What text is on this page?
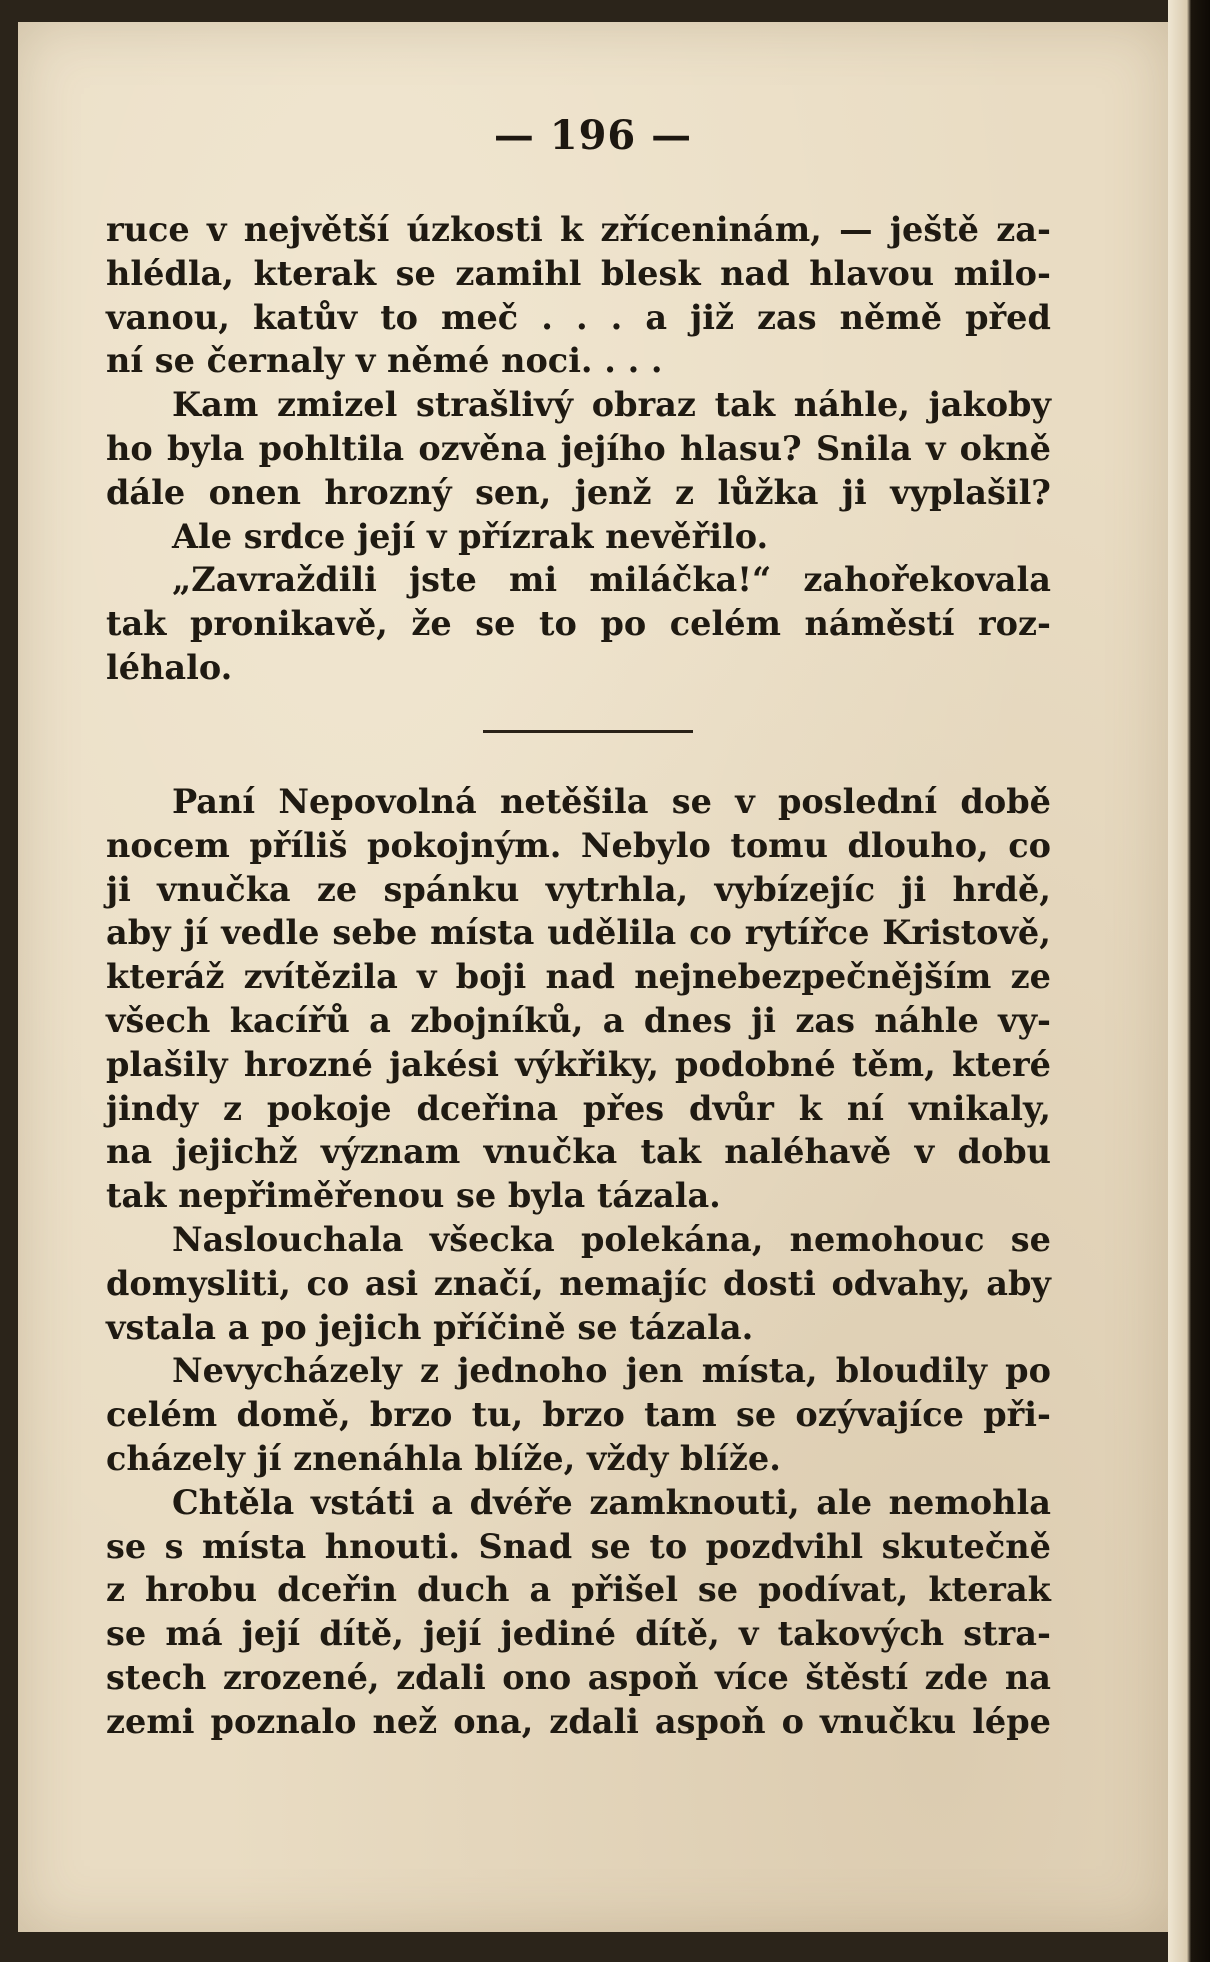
— 196 —
ruce v největší úzkosti k zříceninám, — ještě za-
hlédla, kterak se zamihl blesk nad hlavou milo-
vanou, katův to meč . . . a již zas němě před
ní se černaly v němé noci. . . .
Kam zmizel strašlivý obraz tak náhle, jakoby
ho byla pohltila ozvěna jejího hlasu? Snila v okně
dále onen hrozný sen, jenž z lůžka ji vyplašil?
Ale srdce její v přízrak nevěřilo.
„Zavraždili jste mi miláčka!“ zahořekovala
tak pronikavě, že se to po celém náměstí roz-
léhalo.
Paní Nepovolná netěšila se v poslední době
nocem příliš pokojným. Nebylo tomu dlouho, co
ji vnučka ze spánku vytrhla, vybízejíc ji hrdě,
aby jí vedle sebe místa udělila co rytířce Kristově,
kteráž zvítězila v boji nad nejnebezpečnějším ze
všech kacířů a zbojníků, a dnes ji zas náhle vy-
plašily hrozné jakési výkřiky, podobné těm, které
jindy z pokoje dceřina přes dvůr k ní vnikaly,
na jejichž význam vnučka tak naléhavě v dobu
tak nepřiměřenou se byla tázala.
Naslouchala všecka polekána, nemohouc se
domysliti, co asi značí, nemajíc dosti odvahy, aby
vstala a po jejich příčině se tázala.
Nevycházely z jednoho jen místa, bloudily po
celém domě, brzo tu, brzo tam se ozývajíce při-
cházely jí znenáhla blíže, vždy blíže.
Chtěla vstáti a dvéře zamknouti, ale nemohla
se s místa hnouti. Snad se to pozdvihl skutečně
z hrobu dceřin duch a přišel se podívat, kterak
se má její dítě, její jediné dítě, v takových stra-
stech zrozené, zdali ono aspoň více štěstí zde na
zemi poznalo než ona, zdali aspoň o vnučku lépe
